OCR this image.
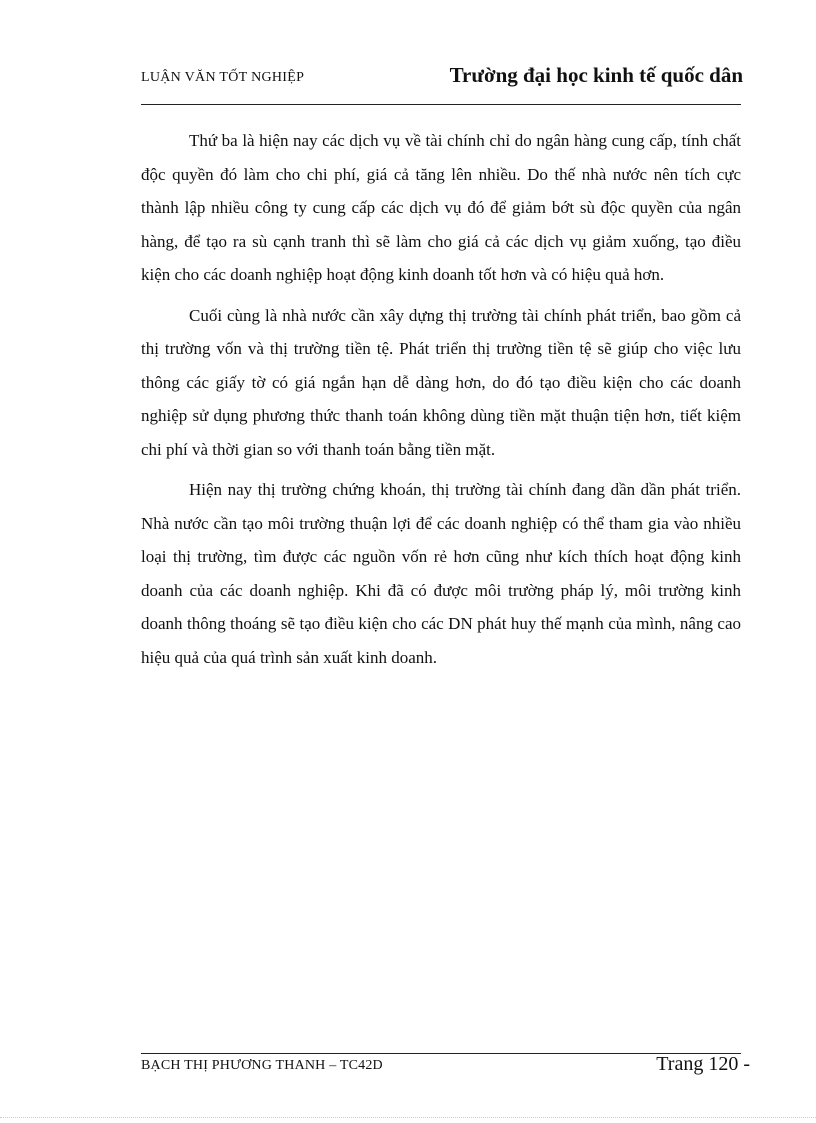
LUẬN VĂN TỐT NGHIỆP	Trường đại học kinh tế quốc dân

Thứ ba là hiện nay các dịch vụ về tài chính chỉ do ngân hàng cung cấp, tính chất độc quyền đó làm cho chi phí, giá cả tăng lên nhiều. Do thế nhà nước nên tích cực thành lập nhiều công ty cung cấp các dịch vụ đó để giảm bớt sù độc quyền của ngân hàng, để tạo ra sù cạnh tranh thì sẽ làm cho giá cả các dịch vụ giảm xuống, tạo điều kiện cho các doanh nghiệp hoạt động kinh doanh tốt hơn và có hiệu quả hơn.

Cuối cùng là nhà nước cần xây dựng thị trường tài chính phát triển, bao gồm cả thị trường vốn và thị trường tiền tệ. Phát triển thị trường tiền tệ sẽ giúp cho việc lưu thông các giấy tờ có giá ngắn hạn dễ dàng hơn, do đó tạo điều kiện cho các doanh nghiệp sử dụng phương thức thanh toán không dùng tiền mặt thuận tiện hơn, tiết kiệm chi phí và thời gian so với thanh toán bằng tiền mặt.

Hiện nay thị trường chứng khoán, thị trường tài chính đang dần dần phát triển. Nhà nước cần tạo môi trường thuận lợi để các doanh nghiệp có thể tham gia vào nhiều loại thị trường, tìm được các nguồn vốn rẻ hơn cũng như kích thích hoạt động kinh doanh của các doanh nghiệp. Khi đã có được môi trường pháp lý, môi trường kinh doanh thông thoáng sẽ tạo điều kiện cho các DN phát huy thế mạnh của mình, nâng cao hiệu quả của quá trình sản xuất kinh doanh.

BẠCH THỊ PHƯƠNG THANH – TC42D	Trang 120 -
